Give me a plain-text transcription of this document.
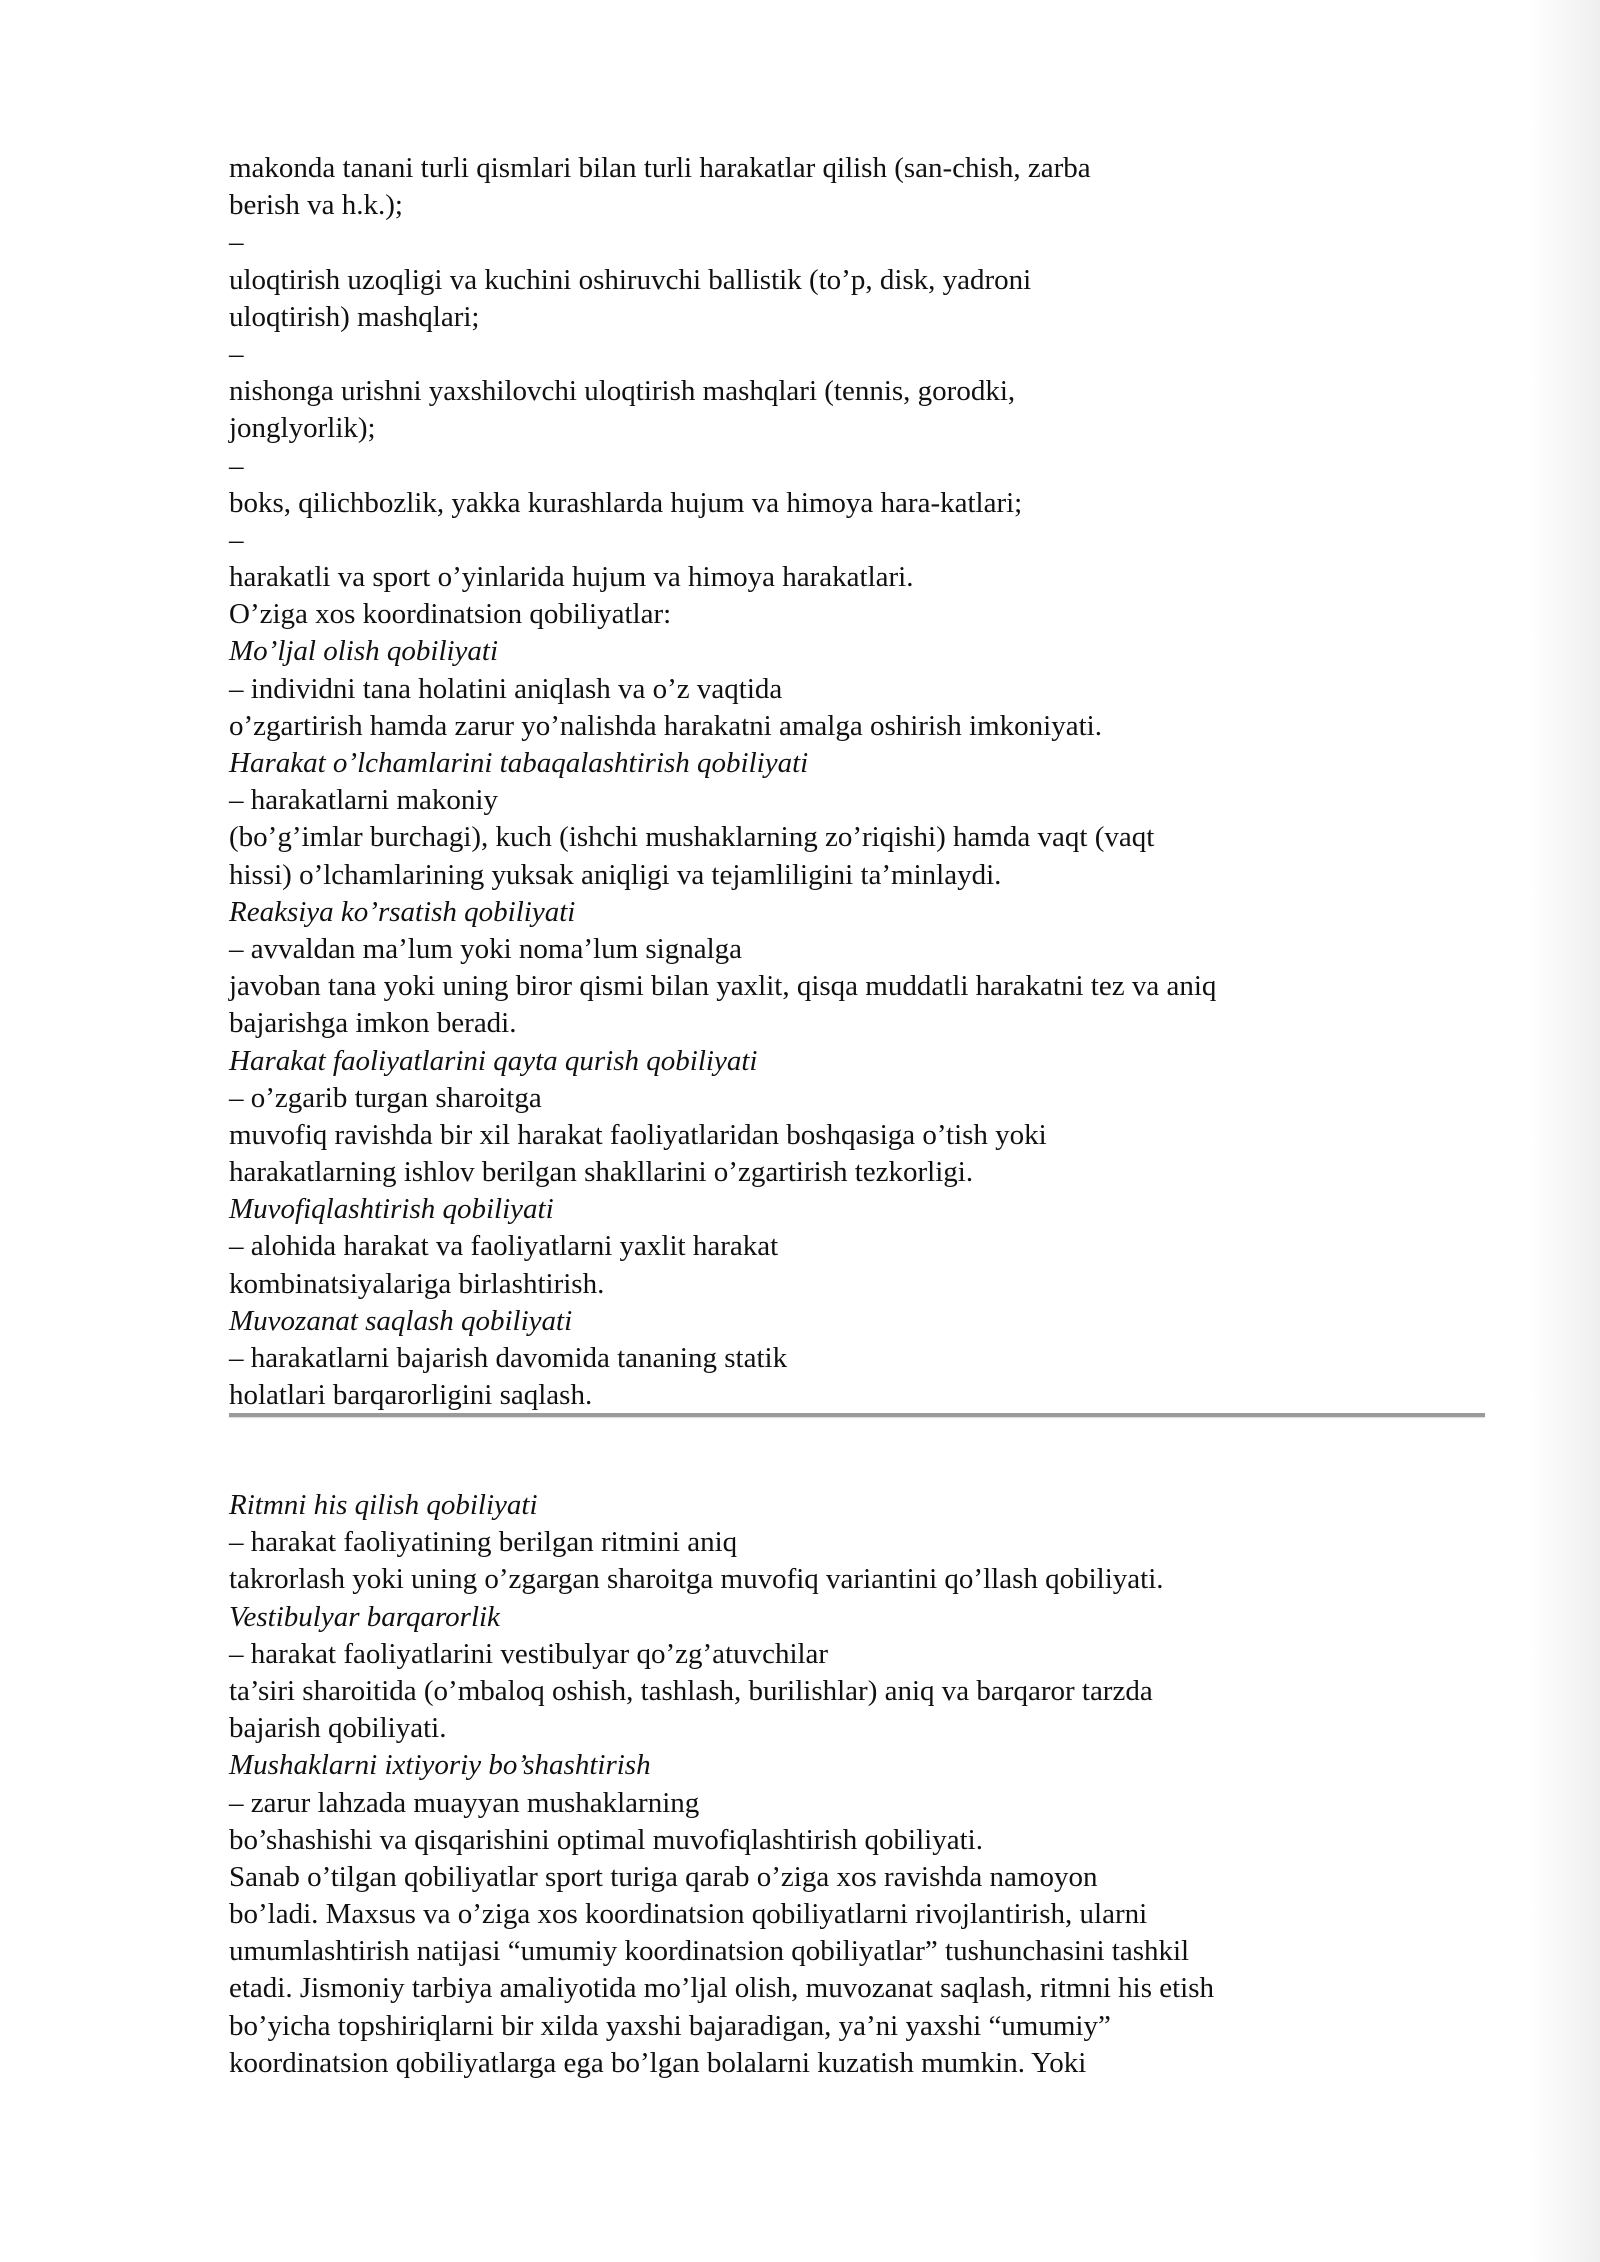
makonda tanani turli qismlari bilan turli harakatlar qilish (san-chish, zarba
berish va h.k.);
–
uloqtirish uzoqligi va kuchini oshiruvchi ballistik (to’p, disk, yadroni
uloqtirish) mashqlari;
–
nishonga urishni yaxshilovchi uloqtirish mashqlari (tennis, gorodki,
jonglyorlik);
–
boks, qilichbozlik, yakka kurashlarda hujum va himoya hara-katlari;
–
harakatli va sport o’yinlarida hujum va himoya harakatlari.
O’ziga xos koordinatsion qobiliyatlar:
Mo’ljal olish qobiliyati
– individni tana holatini aniqlash va o’z vaqtida
o’zgartirish hamda zarur yo’nalishda harakatni amalga oshirish imkoniyati.
Harakat o’lchamlarini tabaqalashtirish qobiliyati
– harakatlarni makoniy
(bo’g’imlar burchagi), kuch (ishchi mushaklarning zo’riqishi) hamda vaqt (vaqt
hissi) o’lchamlarining yuksak aniqligi va tejamliligini ta’minlaydi.
Reaksiya ko’rsatish qobiliyati
– avvaldan ma’lum yoki noma’lum signalga
javoban tana yoki uning biror qismi bilan yaxlit, qisqa muddatli harakatni tez va aniq
bajarishga imkon beradi.
Harakat faoliyatlarini qayta qurish qobiliyati
– o’zgarib turgan sharoitga
muvofiq ravishda bir xil harakat faoliyatlaridan boshqasiga o’tish yoki
harakatlarning ishlov berilgan shakllarini o’zgartirish tezkorligi.
Muvofiqlashtirish qobiliyati
– alohida harakat va faoliyatlarni yaxlit harakat
kombinatsiyalariga birlashtirish.
Muvozanat saqlash qobiliyati
– harakatlarni bajarish davomida tananing statik
holatlari barqarorligini saqlash.
Ritmni his qilish qobiliyati
– harakat faoliyatining berilgan ritmini aniq
takrorlash yoki uning o’zgargan sharoitga muvofiq variantini qo’llash qobiliyati.
Vestibulyar barqarorlik
– harakat faoliyatlarini vestibulyar qo’zg’atuvchilar
ta’siri sharoitida (o’mbaloq oshish, tashlash, burilishlar) aniq va barqaror tarzda
bajarish qobiliyati.
Mushaklarni ixtiyoriy bo’shashtirish
– zarur lahzada muayyan mushaklarning
bo’shashishi va qisqarishini optimal muvofiqlashtirish qobiliyati.
Sanab o’tilgan qobiliyatlar sport turiga qarab o’ziga xos ravishda namoyon
bo’ladi. Maxsus va o’ziga xos koordinatsion qobiliyatlarni rivojlantirish, ularni
umumlashtirish natijasi “umumiy koordinatsion qobiliyatlar” tushunchasini tashkil
etadi. Jismoniy tarbiya amaliyotida mo’ljal olish, muvozanat saqlash, ritmni his etish
bo’yicha topshiriqlarni bir xilda yaxshi bajaradigan, ya’ni yaxshi “umumiy”
koordinatsion qobiliyatlarga ega bo’lgan bolalarni kuzatish mumkin. Yoki
